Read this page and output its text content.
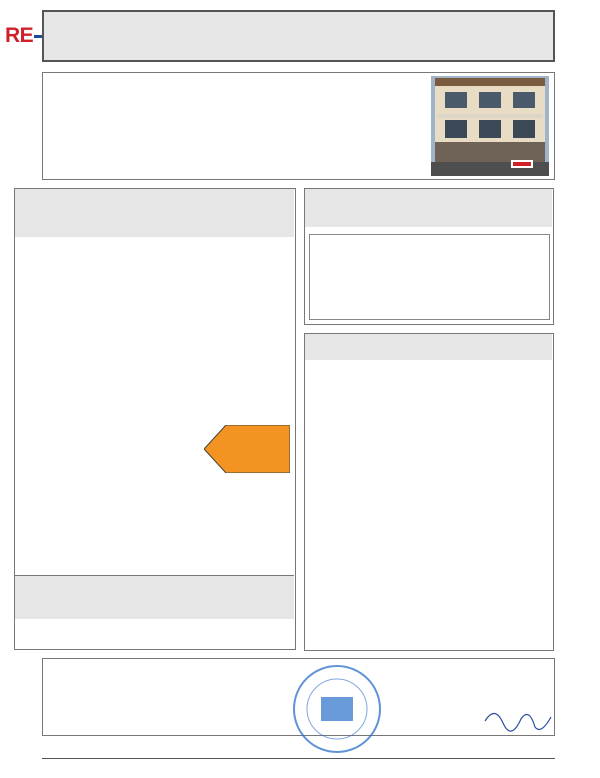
RE
